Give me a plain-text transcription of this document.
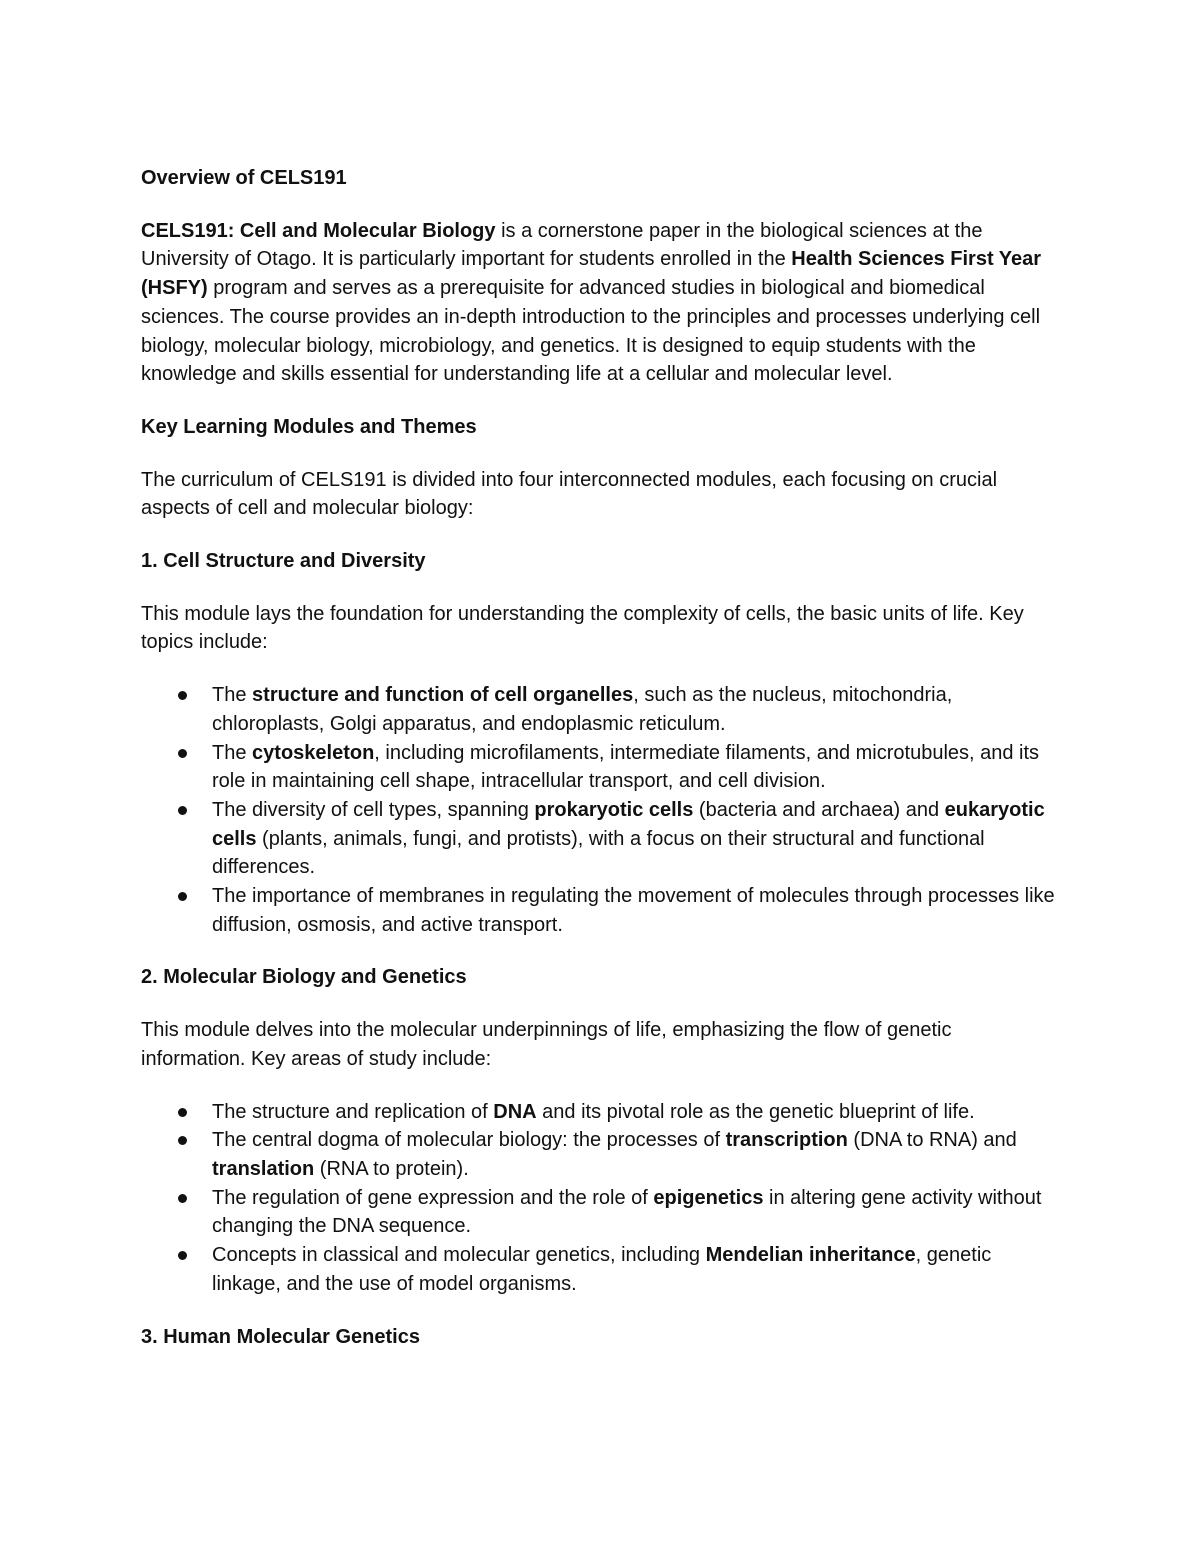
Overview of CELS191

CELS191: Cell and Molecular Biology is a cornerstone paper in the biological sciences at the University of Otago. It is particularly important for students enrolled in the Health Sciences First Year (HSFY) program and serves as a prerequisite for advanced studies in biological and biomedical sciences. The course provides an in-depth introduction to the principles and processes underlying cell biology, molecular biology, microbiology, and genetics. It is designed to equip students with the knowledge and skills essential for understanding life at a cellular and molecular level.

Key Learning Modules and Themes

The curriculum of CELS191 is divided into four interconnected modules, each focusing on crucial aspects of cell and molecular biology:

1. Cell Structure and Diversity

This module lays the foundation for understanding the complexity of cells, the basic units of life. Key topics include:

The structure and function of cell organelles, such as the nucleus, mitochondria, chloroplasts, Golgi apparatus, and endoplasmic reticulum.
The cytoskeleton, including microfilaments, intermediate filaments, and microtubules, and its role in maintaining cell shape, intracellular transport, and cell division.
The diversity of cell types, spanning prokaryotic cells (bacteria and archaea) and eukaryotic cells (plants, animals, fungi, and protists), with a focus on their structural and functional differences.
The importance of membranes in regulating the movement of molecules through processes like diffusion, osmosis, and active transport.

2. Molecular Biology and Genetics

This module delves into the molecular underpinnings of life, emphasizing the flow of genetic information. Key areas of study include:

The structure and replication of DNA and its pivotal role as the genetic blueprint of life.
The central dogma of molecular biology: the processes of transcription (DNA to RNA) and translation (RNA to protein).
The regulation of gene expression and the role of epigenetics in altering gene activity without changing the DNA sequence.
Concepts in classical and molecular genetics, including Mendelian inheritance, genetic linkage, and the use of model organisms.

3. Human Molecular Genetics
